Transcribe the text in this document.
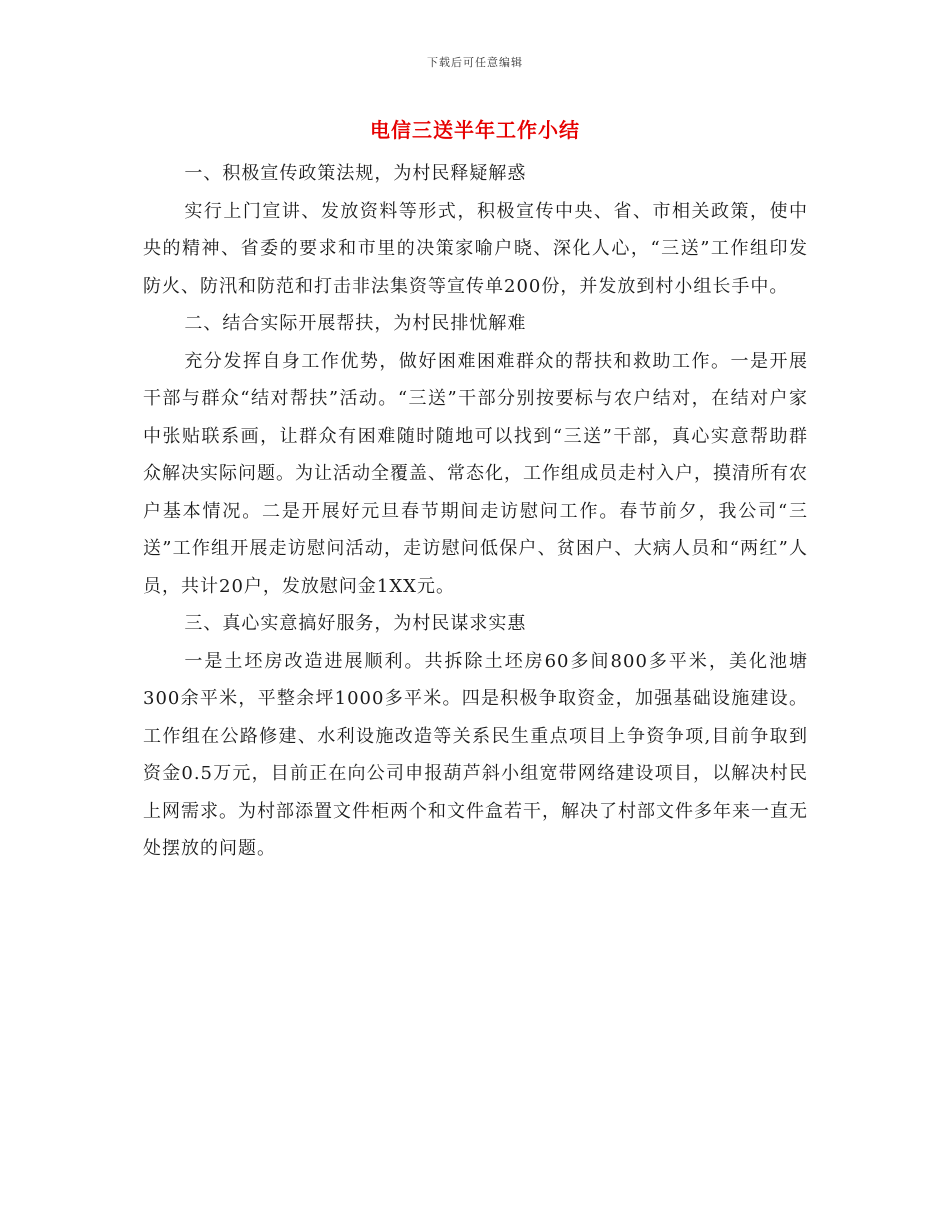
下载后可任意编辑
电信三送半年工作小结

一、积极宣传政策法规，为村民释疑解惑

实行上门宣讲、发放资料等形式，积极宣传中央、省、市相关政策，使中央的精神、省委的要求和市里的决策家喻户晓、深化人心，“三送”工作组印发防火、防汛和防范和打击非法集资等宣传单200份，并发放到村小组长手中。

二、结合实际开展帮扶，为村民排忧解难

充分发挥自身工作优势，做好困难困难群众的帮扶和救助工作。一是开展干部与群众“结对帮扶”活动。“三送”干部分别按要标与农户结对，在结对户家中张贴联系画，让群众有困难随时随地可以找到“三送”干部，真心实意帮助群众解决实际问题。为让活动全覆盖、常态化，工作组成员走村入户，摸清所有农户基本情况。二是开展好元旦春节期间走访慰问工作。春节前夕，我公司“三送”工作组开展走访慰问活动，走访慰问低保户、贫困户、大病人员和“两红”人员，共计20户，发放慰问金1XX元。

三、真心实意搞好服务，为村民谋求实惠

一是土坯房改造进展顺利。共拆除土坯房60多间800多平米，美化池塘300余平米，平整余坪1000多平米。四是积极争取资金，加强基础设施建设。工作组在公路修建、水利设施改造等关系民生重点项目上争资争项,目前争取到资金0.5万元，目前正在向公司申报葫芦斜小组宽带网络建设项目，以解决村民上网需求。为村部添置文件柜两个和文件盒若干，解决了村部文件多年来一直无处摆放的问题。
